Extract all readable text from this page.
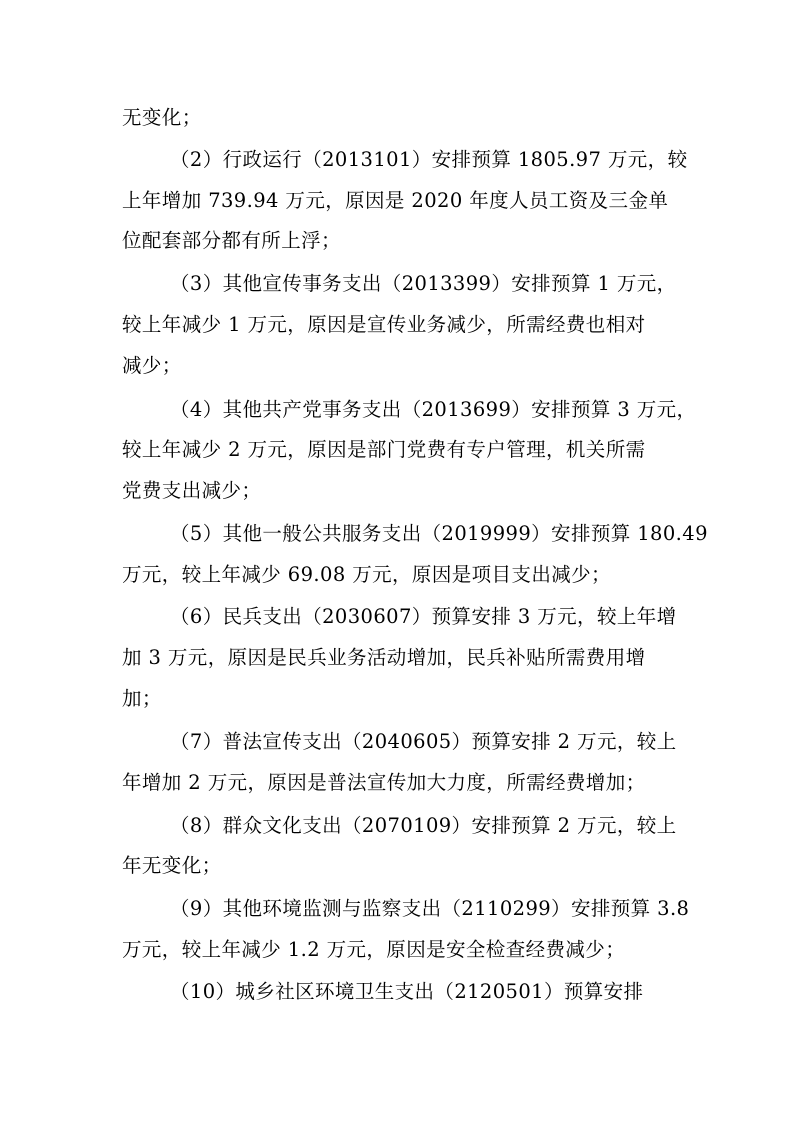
无变化；
（2）行政运行（2013101）安排预算 1805.97 万元，较
上年增加 739.94 万元，原因是 2020 年度人员工资及三金单
位配套部分都有所上浮；
（3）其他宣传事务支出（2013399）安排预算 1 万元，
较上年减少 1 万元，原因是宣传业务减少，所需经费也相对
减少；
（4）其他共产党事务支出（2013699）安排预算 3 万元，
较上年减少 2 万元，原因是部门党费有专户管理，机关所需
党费支出减少；
（5）其他一般公共服务支出（2019999）安排预算 180.49
万元，较上年减少 69.08 万元，原因是项目支出减少；
（6）民兵支出（2030607）预算安排 3 万元，较上年增
加 3 万元，原因是民兵业务活动增加，民兵补贴所需费用增
加；
（7）普法宣传支出（2040605）预算安排 2 万元，较上
年增加 2 万元，原因是普法宣传加大力度，所需经费增加；
（8）群众文化支出（2070109）安排预算 2 万元，较上
年无变化；
（9）其他环境监测与监察支出（2110299）安排预算 3.8
万元，较上年减少 1.2 万元，原因是安全检查经费减少；
（10）城乡社区环境卫生支出（2120501）预算安排
